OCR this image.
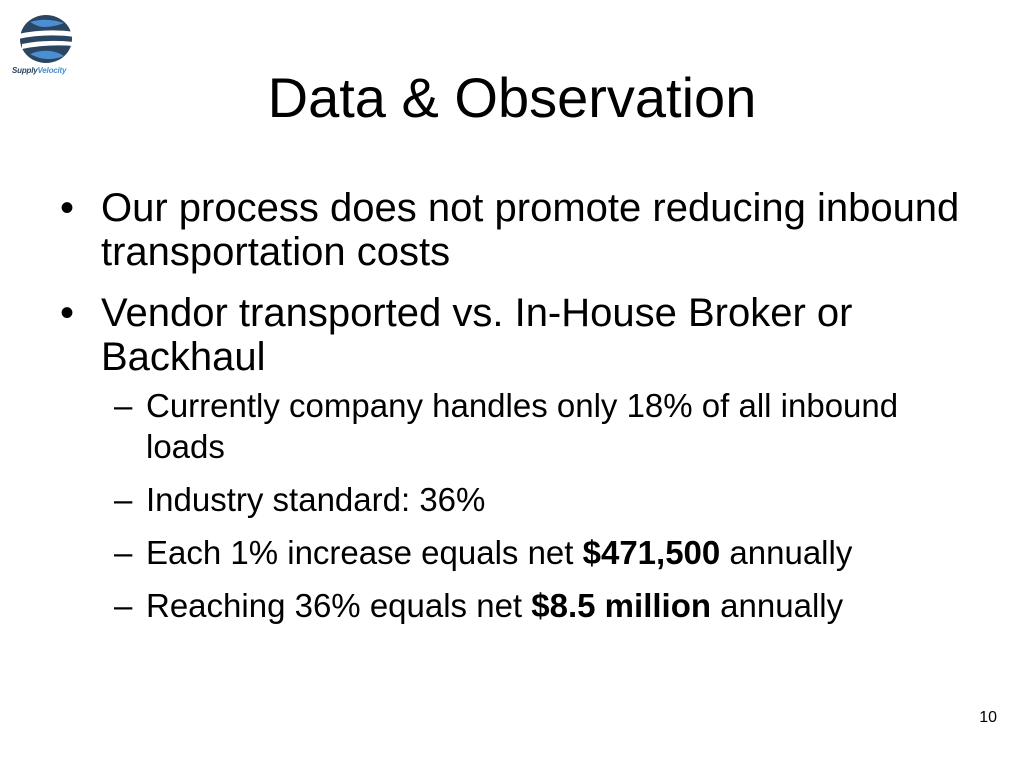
SupplyVelocity	Data & Observation
• Our process does not promote reducing inbound transportation costs
• Vendor transported vs. In-House Broker or Backhaul
– Currently company handles only 18% of all inbound loads
– Industry standard: 36%
– Each 1% increase equals net $471,500 annually
– Reaching 36% equals net $8.5 million annually
10
